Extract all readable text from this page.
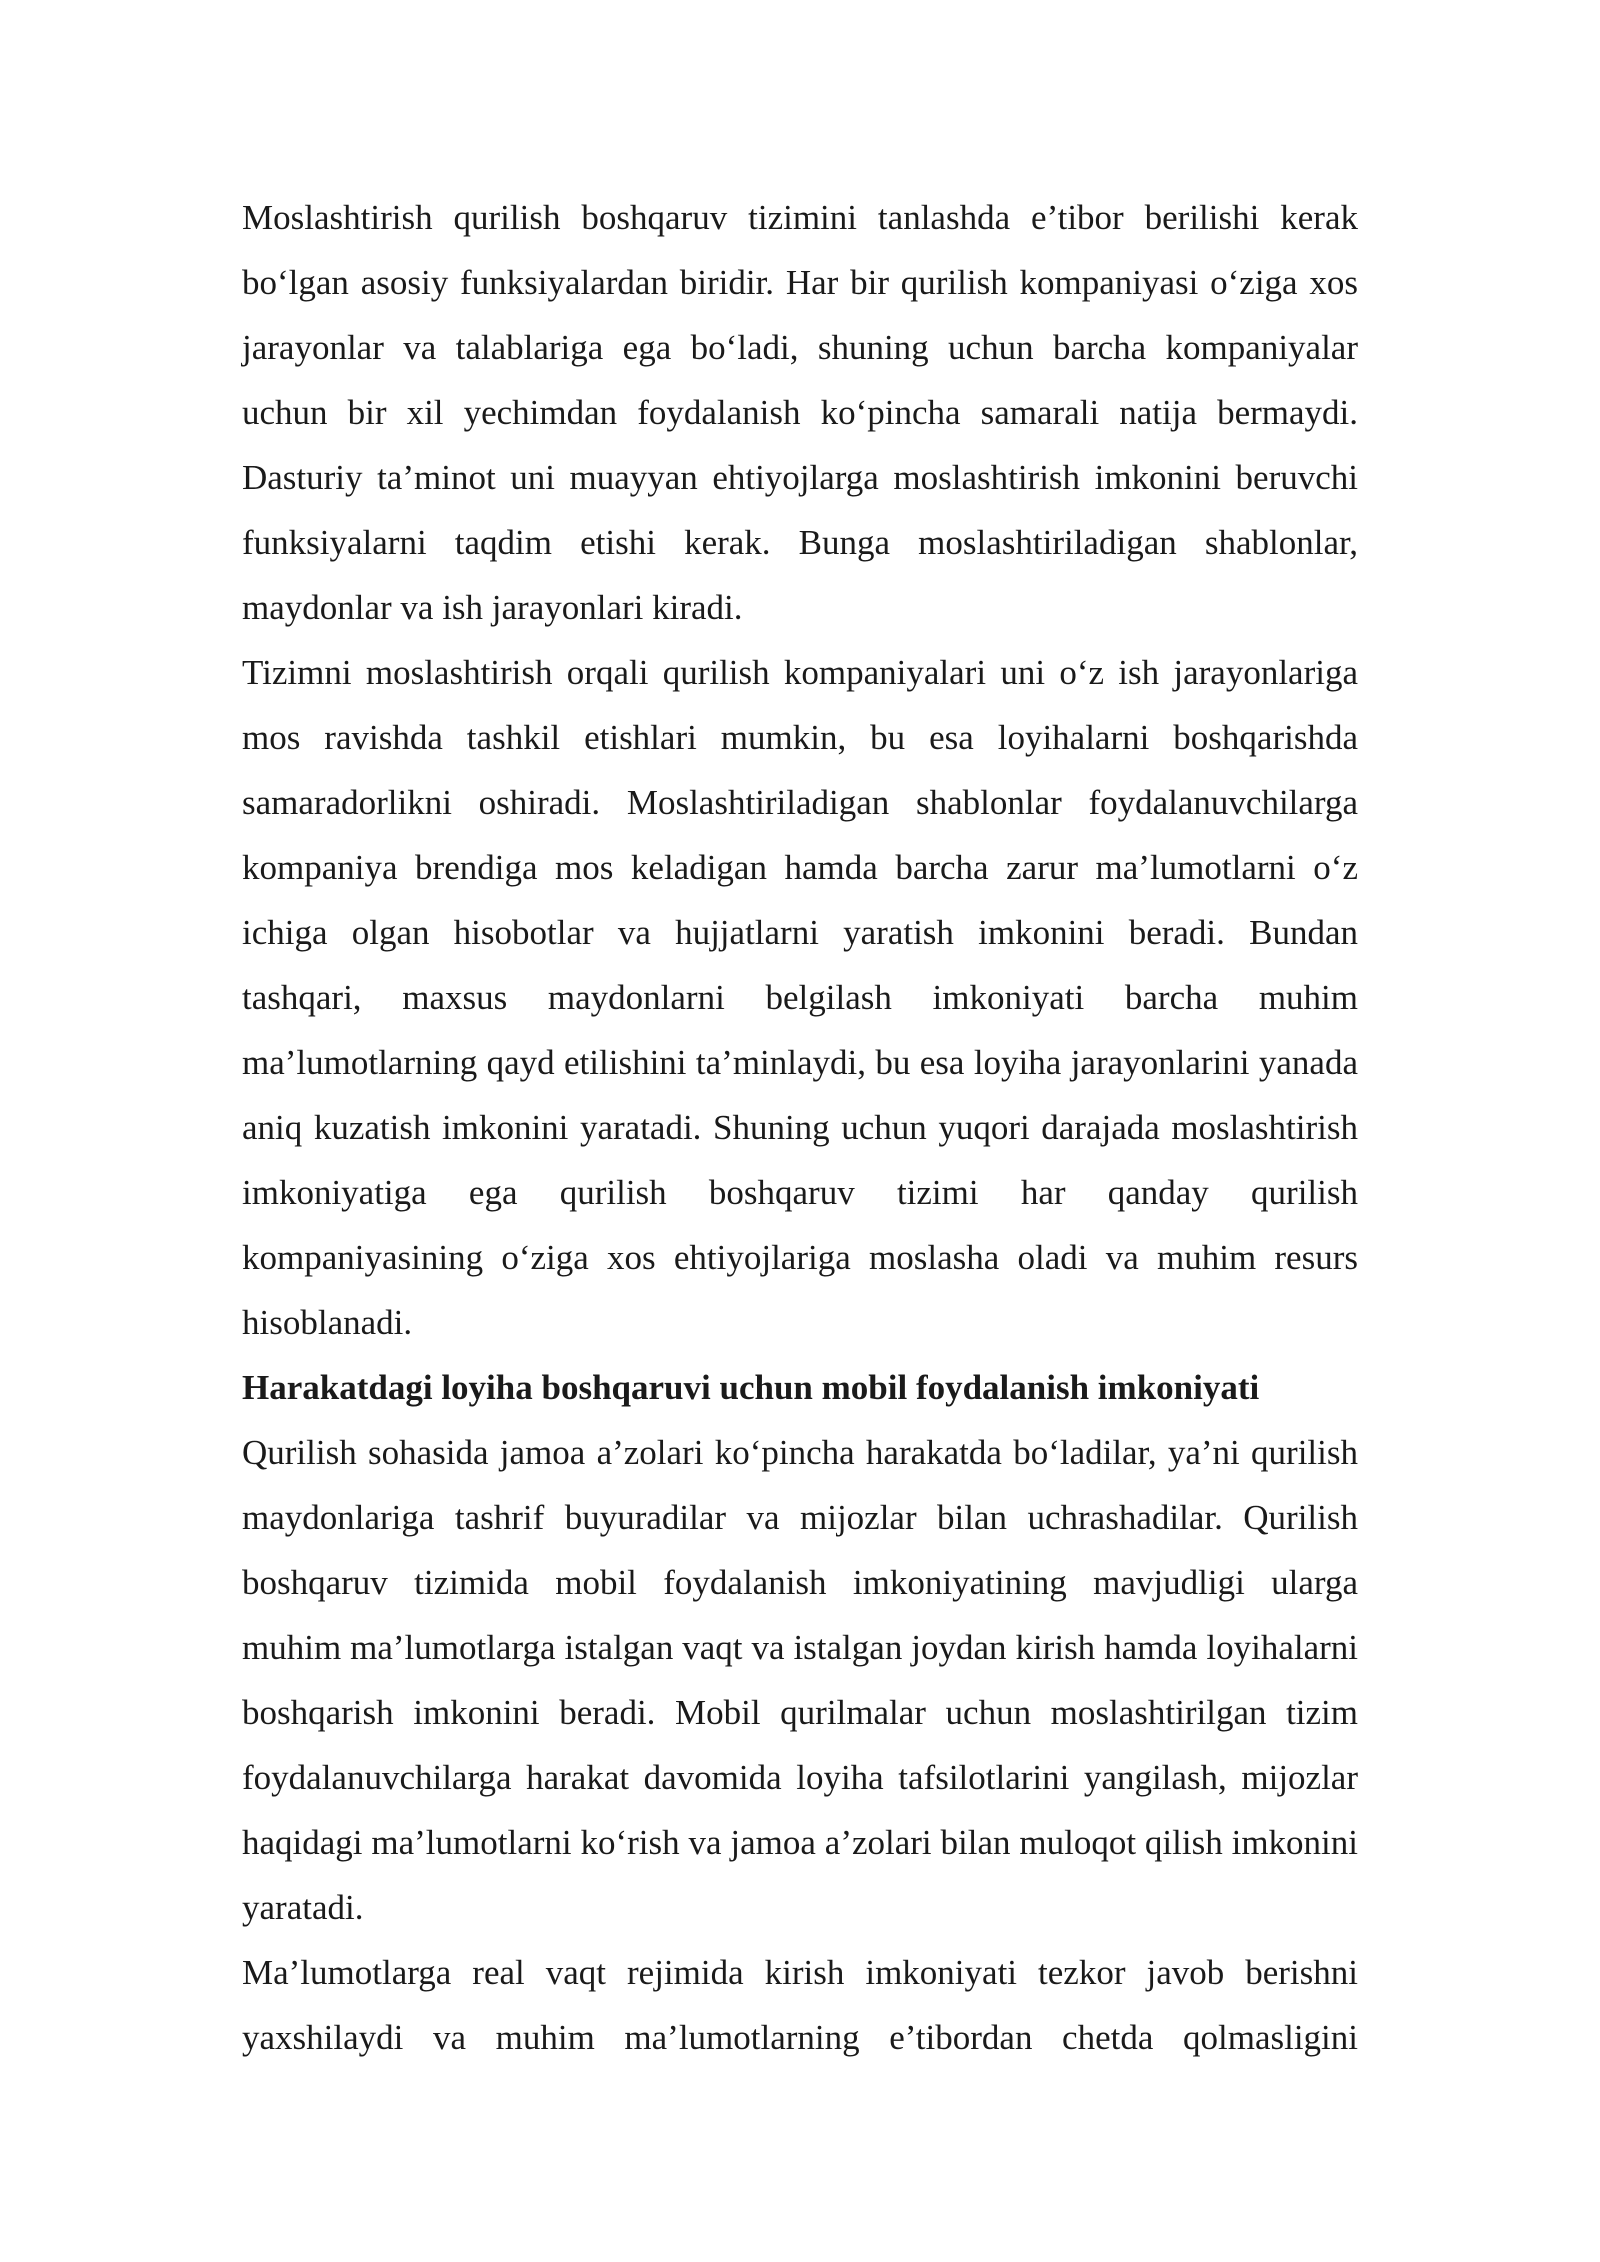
Moslashtirish qurilish boshqaruv tizimini tanlashda e’tibor berilishi kerak bo‘lgan asosiy funksiyalardan biridir. Har bir qurilish kompaniyasi o‘ziga xos jarayonlar va talablariga ega bo‘ladi, shuning uchun barcha kompaniyalar uchun bir xil yechimdan foydalanish ko‘pincha samarali natija bermaydi. Dasturiy ta’minot uni muayyan ehtiyojlarga moslashtirish imkonini beruvchi funksiyalarni taqdim etishi kerak. Bunga moslashtiriladigan shablonlar, maydonlar va ish jarayonlari kiradi.

Tizimni moslashtirish orqali qurilish kompaniyalari uni o‘z ish jarayonlariga mos ravishda tashkil etishlari mumkin, bu esa loyihalarni boshqarishda samaradorlikni oshiradi. Moslashtiriladigan shablonlar foydalanuvchilarga kompaniya brendiga mos keladigan hamda barcha zarur ma’lumotlarni o‘z ichiga olgan hisobotlar va hujjatlarni yaratish imkonini beradi. Bundan tashqari, maxsus maydonlarni belgilash imkoniyati barcha muhim ma’lumotlarning qayd etilishini ta’minlaydi, bu esa loyiha jarayonlarini yanada aniq kuzatish imkonini yaratadi. Shuning uchun yuqori darajada moslashtirish imkoniyatiga ega qurilish boshqaruv tizimi har qanday qurilish kompaniyasining o‘ziga xos ehtiyojlariga moslasha oladi va muhim resurs hisoblanadi.

Harakatdagi loyiha boshqaruvi uchun mobil foydalanish imkoniyati

Qurilish sohasida jamoa a’zolari ko‘pincha harakatda bo‘ladilar, ya’ni qurilish maydonlariga tashrif buyuradilar va mijozlar bilan uchrashadilar. Qurilish boshqaruv tizimida mobil foydalanish imkoniyatining mavjudligi ularga muhim ma’lumotlarga istalgan vaqt va istalgan joydan kirish hamda loyihalarni boshqarish imkonini beradi. Mobil qurilmalar uchun moslashtirilgan tizim foydalanuvchilarga harakat davomida loyiha tafsilotlarini yangilash, mijozlar haqidagi ma’lumotlarni ko‘rish va jamoa a’zolari bilan muloqot qilish imkonini yaratadi.

Ma’lumotlarga real vaqt rejimida kirish imkoniyati tezkor javob berishni yaxshilaydi va muhim ma’lumotlarning e’tibordan chetda qolmasligini
